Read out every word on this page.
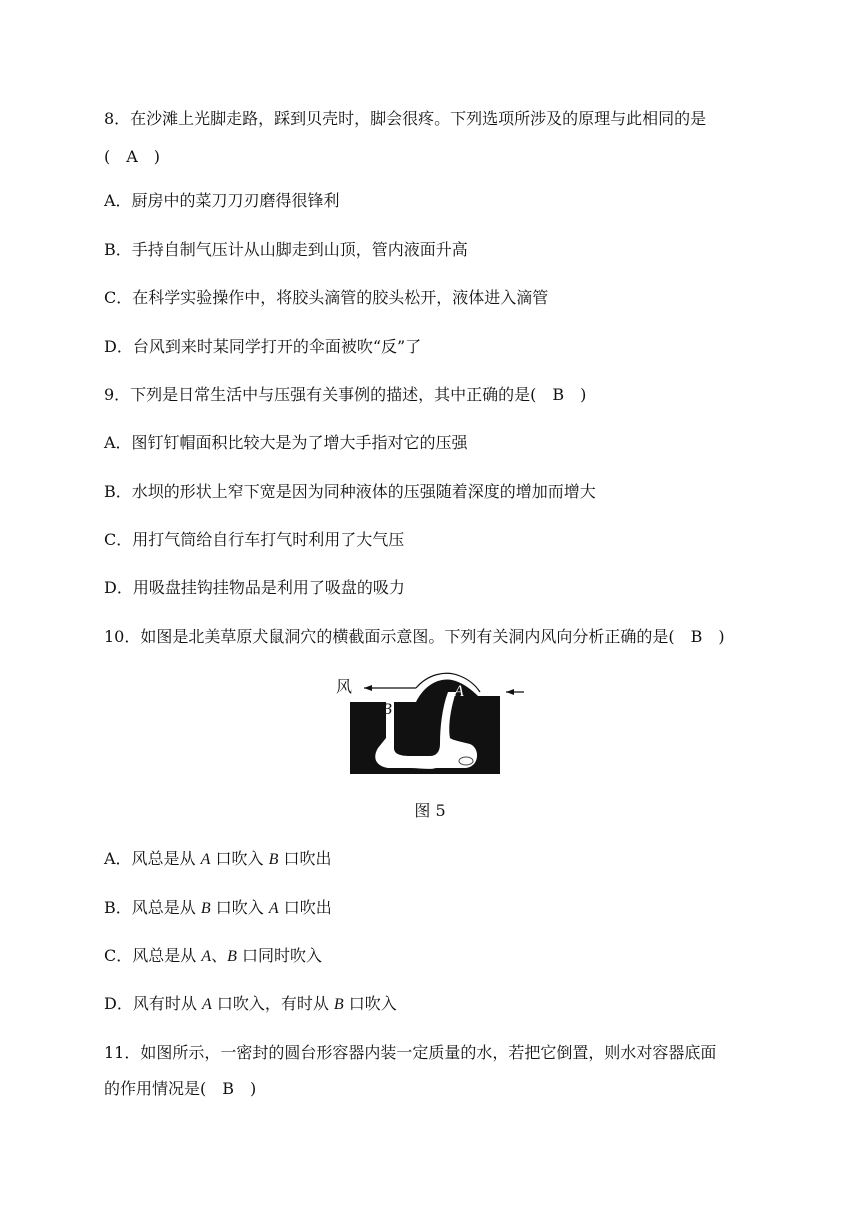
8．在沙滩上光脚走路，踩到贝壳时，脚会很疼。下列选项所涉及的原理与此相同的是
(　A　)
A．厨房中的菜刀刀刃磨得很锋利
B．手持自制气压计从山脚走到山顶，管内液面升高
C．在科学实验操作中，将胶头滴管的胶头松开，液体进入滴管
D．台风到来时某同学打开的伞面被吹“反”了
9．下列是日常生活中与压强有关事例的描述，其中正确的是(　B　)
A．图钉钉帽面积比较大是为了增大手指对它的压强
B．水坝的形状上窄下宽是因为同种液体的压强随着深度的增加而增大
C．用打气筒给自行车打气时利用了大气压
D．用吸盘挂钩挂物品是利用了吸盘的吸力
10．如图是北美草原犬鼠洞穴的横截面示意图。下列有关洞内风向分析正确的是(　B　)
风	A
B
图 5
A．风总是从 A 口吹入 B 口吹出
B．风总是从 B 口吹入 A 口吹出
C．风总是从 A、B 口同时吹入
D．风有时从 A 口吹入，有时从 B 口吹入
11．如图所示，一密封的圆台形容器内装一定质量的水，若把它倒置，则水对容器底面
的作用情况是(　B　)
